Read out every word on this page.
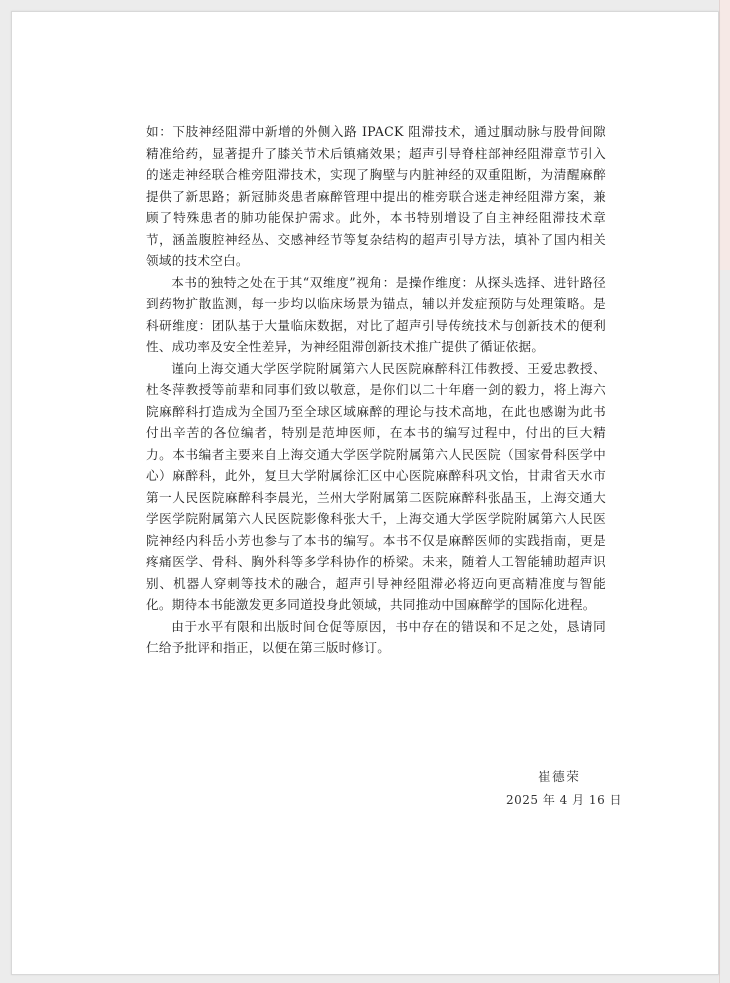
如：下肢神经阻滞中新增的外侧入路 IPACK 阻滞技术，通过腘动脉与股骨间隙精准给药，显著提升了膝关节术后镇痛效果；超声引导脊柱部神经阻滞章节引入的迷走神经联合椎旁阻滞技术，实现了胸壁与内脏神经的双重阻断，为清醒麻醉提供了新思路；新冠肺炎患者麻醉管理中提出的椎旁联合迷走神经阻滞方案，兼顾了特殊患者的肺功能保护需求。此外，本书特别增设了自主神经阻滞技术章节，涵盖腹腔神经丛、交感神经节等复杂结构的超声引导方法，填补了国内相关领域的技术空白。

本书的独特之处在于其“双维度”视角：是操作维度：从探头选择、进针路径到药物扩散监测，每一步均以临床场景为锚点，辅以并发症预防与处理策略。是科研维度：团队基于大量临床数据，对比了超声引导传统技术与创新技术的便利性、成功率及安全性差异，为神经阻滞创新技术推广提供了循证依据。

谨向上海交通大学医学院附属第六人民医院麻醉科江伟教授、王爱忠教授、杜冬萍教授等前辈和同事们致以敬意，是你们以二十年磨一剑的毅力，将上海六院麻醉科打造成为全国乃至全球区域麻醉的理论与技术高地，在此也感谢为此书付出辛苦的各位编者，特别是范坤医师，在本书的编写过程中，付出的巨大精力。本书编者主要来自上海交通大学医学院附属第六人民医院（国家骨科医学中心）麻醉科，此外，复旦大学附属徐汇区中心医院麻醉科巩文怡，甘肃省天水市第一人民医院麻醉科李晨光，兰州大学附属第二医院麻醉科张晶玉，上海交通大学医学院附属第六人民医院影像科张大千，上海交通大学医学院附属第六人民医院神经内科岳小芳也参与了本书的编写。本书不仅是麻醉医师的实践指南，更是疼痛医学、骨科、胸外科等多学科协作的桥梁。未来，随着人工智能辅助超声识别、机器人穿刺等技术的融合，超声引导神经阻滞必将迈向更高精准度与智能化。期待本书能激发更多同道投身此领域，共同推动中国麻醉学的国际化进程。

由于水平有限和出版时间仓促等原因，书中存在的错误和不足之处，恳请同仁给予批评和指正，以便在第三版时修订。

崔德荣
2025 年 4 月 16 日
